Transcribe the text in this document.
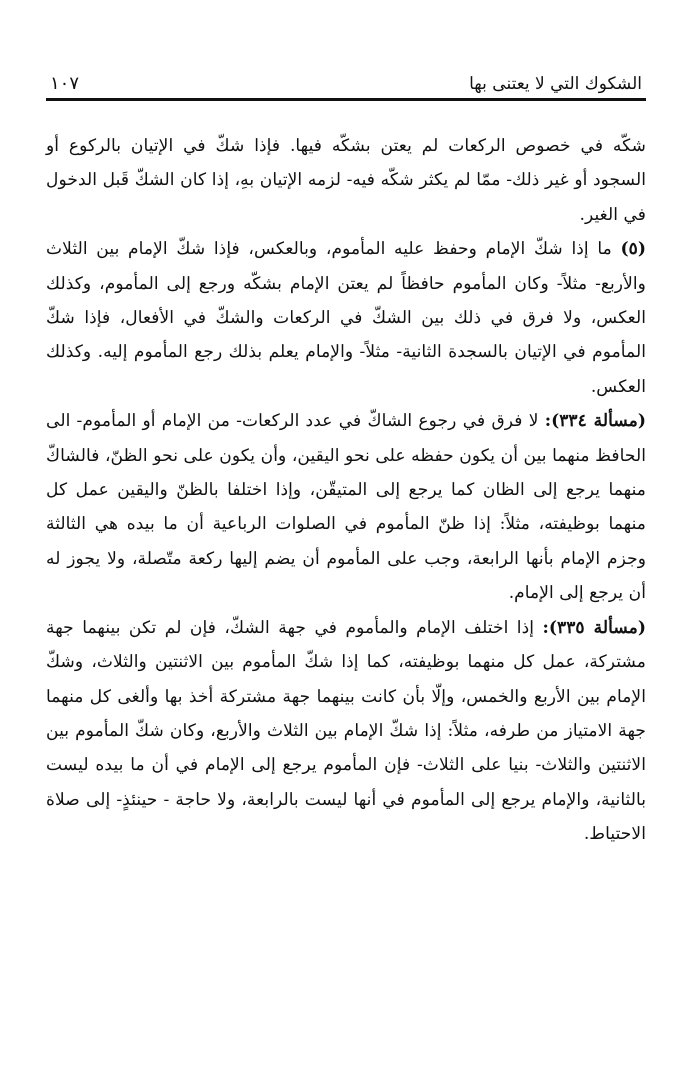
الشكوك التي لا يعتنى بها
١٠٧

شكّه في خصوص الركعات لم يعتن بشكّه فيها. فإذا شكّ في الإتيان بالركوع أو السجود أو غير ذلك- ممّا لم يكثر شكّه فيه- لزمه الإتيان بهِ، إذا كان الشكّ قَبل الدخول في الغير.

(٥) ما إذا شكّ الإمام وحفظ عليه المأموم، وبالعكس، فإذا شكّ الإمام بين الثلاث والأربع- مثلاً- وكان المأموم حافظاً لم يعتن الإمام بشكّه ورجع إلى المأموم، وكذلك العكس، ولا فرق في ذلك بين الشكّ في الركعات والشكّ في الأفعال، فإذا شكّ المأموم في الإتيان بالسجدة الثانية- مثلاً- والإمام يعلم بذلك رجع المأموم إليه. وكذلك العكس.

(مسألة ٣٣٤): لا فرق في رجوع الشاكّ في عدد الركعات- من الإمام أو المأموم- الى الحافظ منهما بين أن يكون حفظه على نحو اليقين، وأن يكون على نحو الظنّ، فالشاكّ منهما يرجع إلى الظان كما يرجع إلى المتيقّن، وإذا اختلفا بالظنّ واليقين عمل كل منهما بوظيفته، مثلاً: إذا ظنّ المأموم في الصلوات الرباعية أن ما بيده هي الثالثة وجزم الإمام بأنها الرابعة، وجب على المأموم أن يضم إليها ركعة متّصلة، ولا يجوز له أن يرجع إلى الإمام.

(مسألة ٣٣٥): إذا اختلف الإمام والمأموم في جهة الشكّ، فإن لم تكن بينهما جهة مشتركة، عمل كل منهما بوظيفته، كما إذا شكّ المأموم بين الاثنتين والثلاث، وشكّ الإمام بين الأربع والخمس، وإلّا بأن كانت بينهما جهة مشتركة أخذ بها وألغى كل منهما جهة الامتياز من طرفه، مثلاً: إذا شكّ الإمام بين الثلاث والأربع، وكان شكّ المأموم بين الاثنتين والثلاث- بنيا على الثلاث- فإن المأموم يرجع إلى الإمام في أن ما بيده ليست بالثانية، والإمام يرجع إلى المأموم في أنها ليست بالرابعة، ولا حاجة - حينئذٍ- إلى صلاة الاحتياط.
